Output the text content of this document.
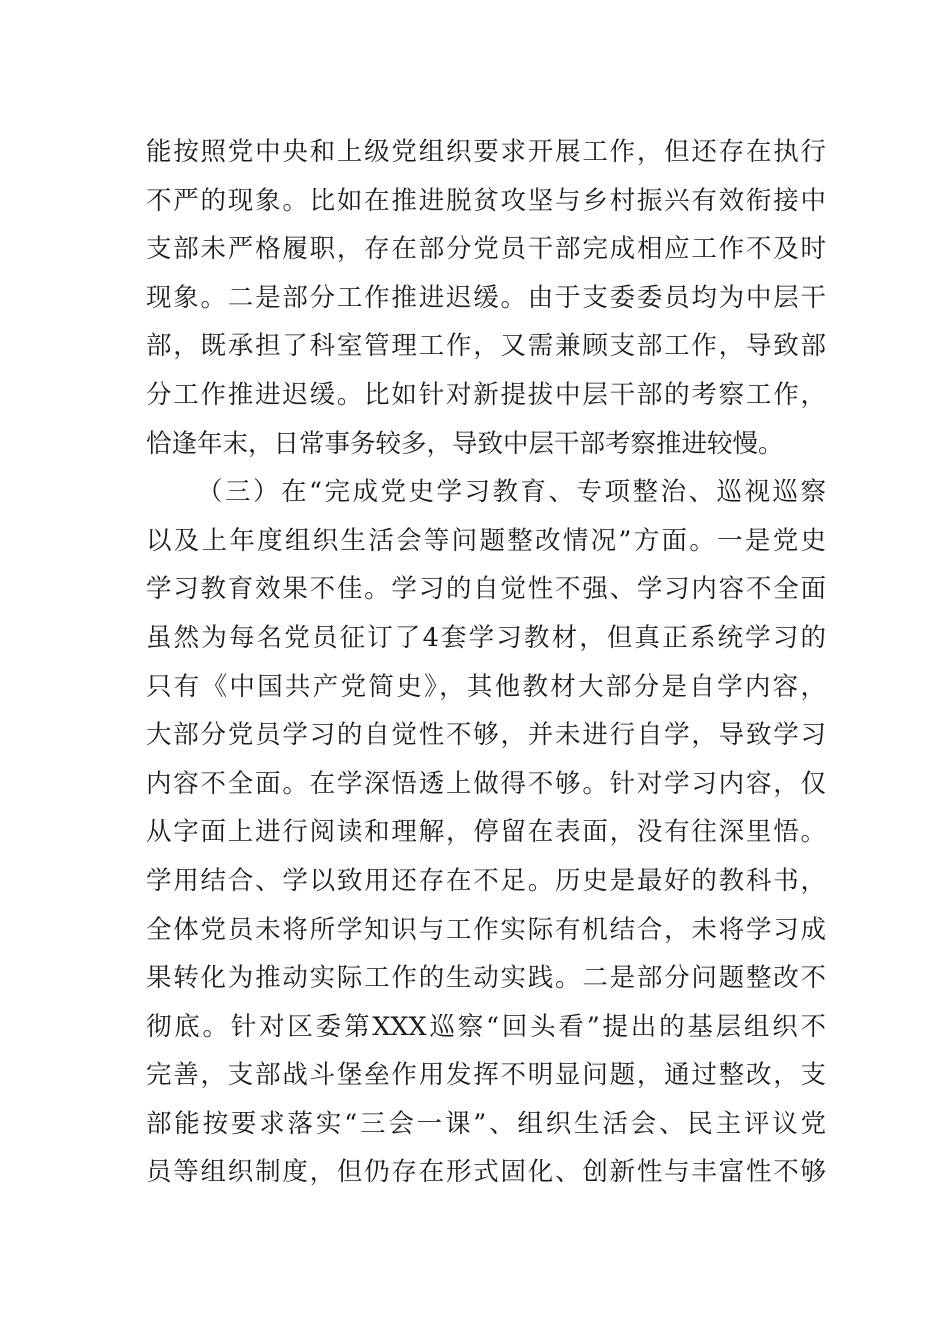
能按照党中央和上级党组织要求开展工作，但还存在执行
不严的现象。比如在推进脱贫攻坚与乡村振兴有效衔接中
支部未严格履职，存在部分党员干部完成相应工作不及时
现象。二是部分工作推进迟缓。由于支委委员均为中层干
部，既承担了科室管理工作，又需兼顾支部工作，导致部
分工作推进迟缓。比如针对新提拔中层干部的考察工作，
恰逢年末，日常事务较多，导致中层干部考察推进较慢。
（三）在“完成党史学习教育、专项整治、巡视巡察
以及上年度组织生活会等问题整改情况”方面。一是党史
学习教育效果不佳。学习的自觉性不强、学习内容不全面
虽然为每名党员征订了4套学习教材，但真正系统学习的
只有《中国共产党简史》，其他教材大部分是自学内容，
大部分党员学习的自觉性不够，并未进行自学，导致学习
内容不全面。在学深悟透上做得不够。针对学习内容，仅
从字面上进行阅读和理解，停留在表面，没有往深里悟。
学用结合、学以致用还存在不足。历史是最好的教科书，
全体党员未将所学知识与工作实际有机结合，未将学习成
果转化为推动实际工作的生动实践。二是部分问题整改不
彻底。针对区委第XXX巡察“回头看”提出的基层组织不
完善，支部战斗堡垒作用发挥不明显问题，通过整改，支
部能按要求落实“三会一课”、组织生活会、民主评议党
员等组织制度，但仍存在形式固化、创新性与丰富性不够
